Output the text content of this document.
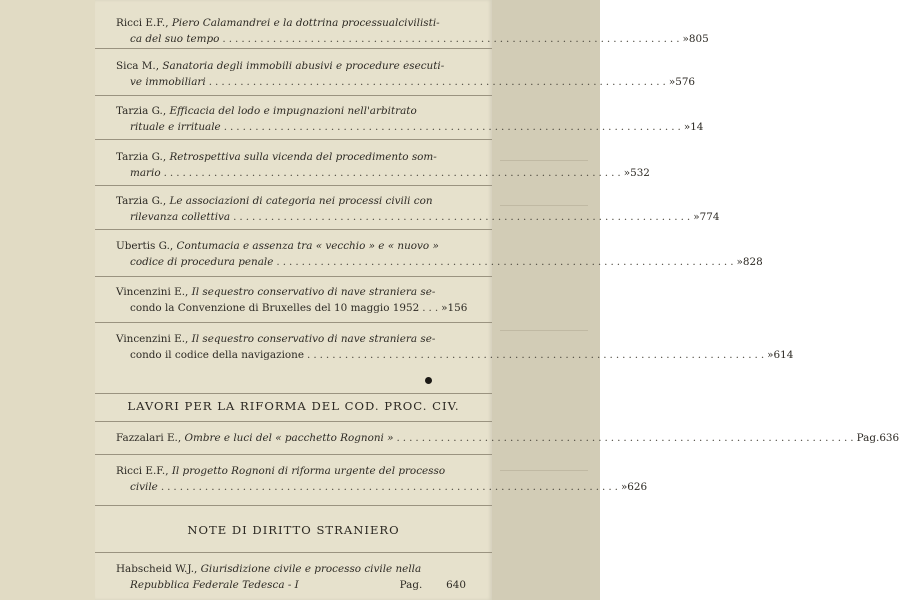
Ricci E.F., Piero Calamandrei e la dottrina processualcivilisti-
ca del suo tempo ......................................................................... » 805
Sica M., Sanatoria degli immobili abusivi e procedure esecuti-
ve immobiliari ......................................................................... » 576
Tarzia G., Efficacia del lodo e impugnazioni nell'arbitrato
rituale e irrituale ......................................................................... » 14
Tarzia G., Retrospettiva sulla vicenda del procedimento som-
mario ......................................................................... » 532
Tarzia G., Le associazioni di categoria nei processi civili con
rilevanza collettiva ......................................................................... » 774
Ubertis G., Contumacia e assenza tra « vecchio » e « nuovo »
codice di procedura penale ......................................................................... » 828
Vincenzini E., Il sequestro conservativo di nave straniera se-
condo la Convenzione di Bruxelles del 10 maggio 1952 ... » 156
Vincenzini E., Il sequestro conservativo di nave straniera se-
condo il codice della navigazione ......................................................................... » 614
LAVORI PER LA RIFORMA DEL COD. PROC. CIV.
Fazzalari E.,
Ombre e luci del « pacchetto Rognoni » ......................................................................... Pag. 636
Ricci E.F., Il progetto Rognoni di riforma urgente del processo
civile ......................................................................... » 626
NOTE DI DIRITTO STRANIERO
Habscheid W.J., Giurisdizione civile e processo civile nella
Repubblica Federale Tedesca - I	Pag.	640
